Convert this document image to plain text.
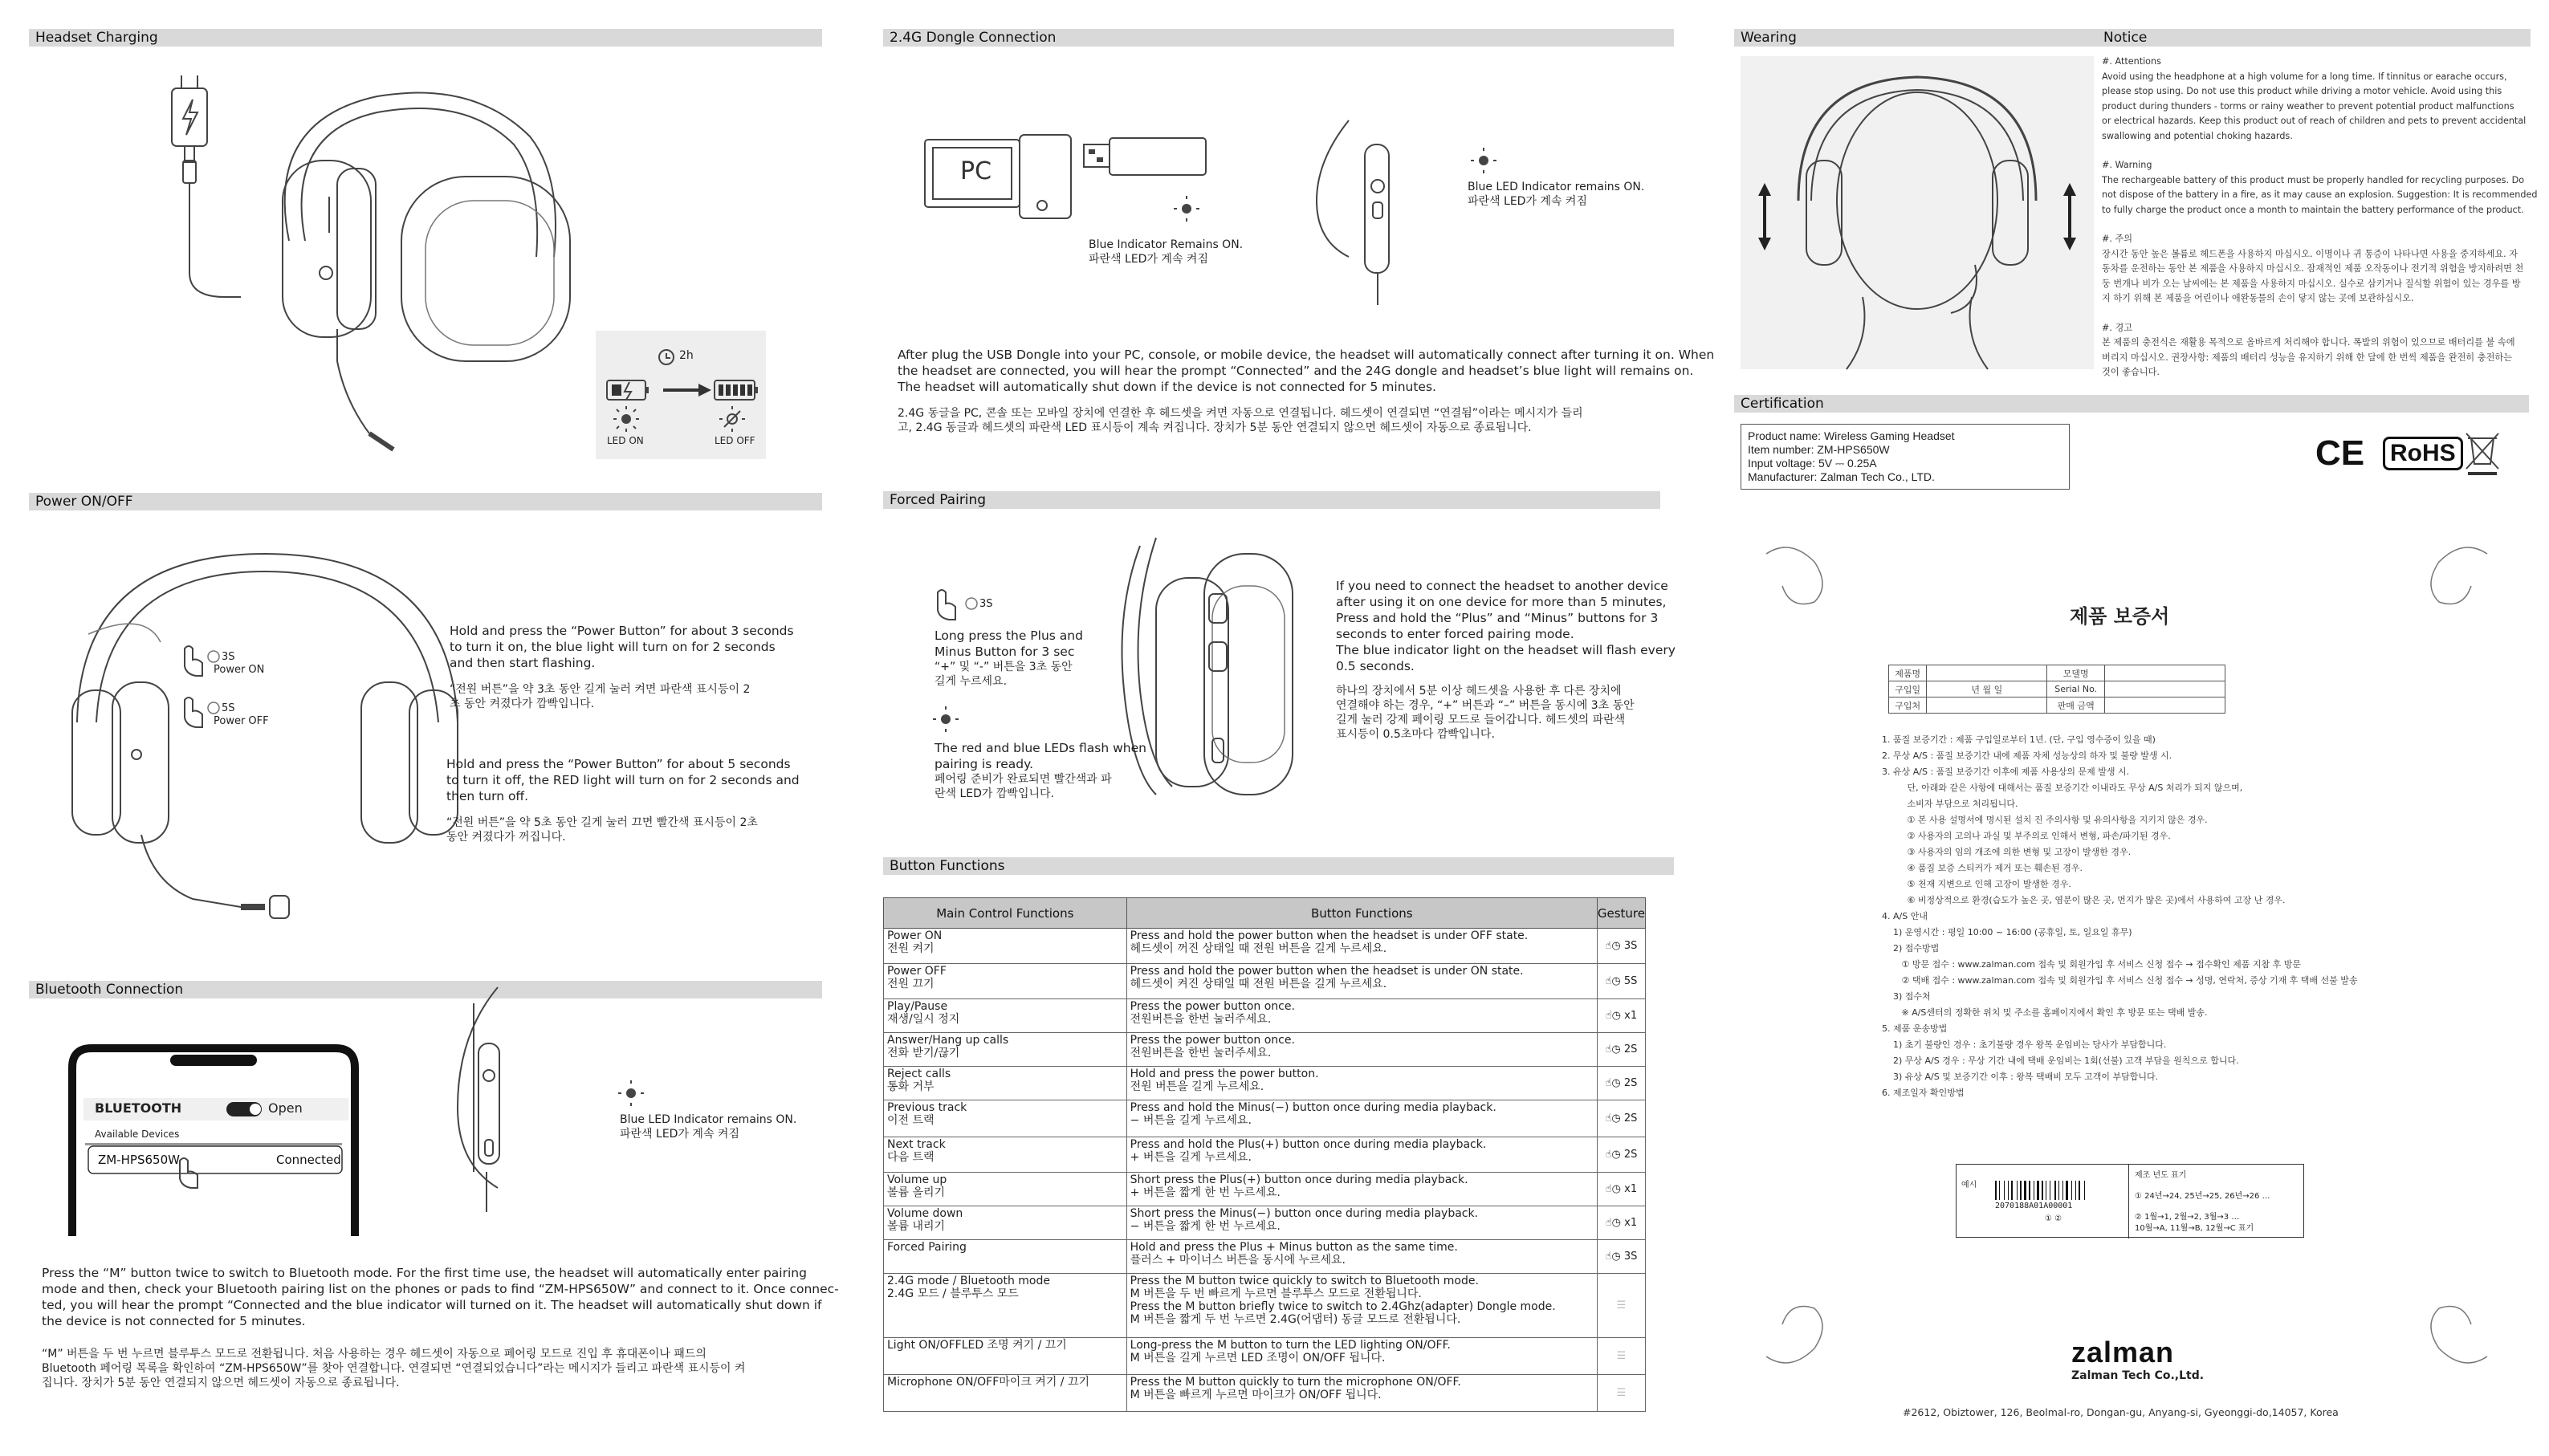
Headset Charging
Power ON/OFF
Bluetooth Connection
2.4G Dongle Connection
Forced Pairing
Button Functions
Wearing	Notice
Certification
2h
LED ON	LED OFF
3S
Power ON
5S
Power OFF
Hold and press the “Power Button” for about 3 seconds
to turn it on, the blue light will turn on for 2 seconds
and then start flashing.
“전원 버튼”을 약 3초 동안 길게 눌러 켜면 파란색 표시등이 2
초 동안 켜졌다가 깜빡입니다.
Hold and press the “Power Button” for about 5 seconds
to turn it off, the RED light will turn on for 2 seconds and
then turn off.
“전원 버튼”을 약 5초 동안 길게 눌러 끄면 빨간색 표시등이 2초
동안 켜졌다가 꺼집니다.
BLUETOOTH	Open
Available Devices
ZM-HPS650W	Connected
Blue LED Indicator remains ON.
파란색 LED가 계속 켜짐
Press the “M” button twice to switch to Bluetooth mode. For the first time use, the headset will automatically enter pairing
mode and then, check your Bluetooth pairing list on the phones or pads to find “ZM-HPS650W” and connect to it. Once connec-
ted, you will hear the prompt “Connected and the blue indicator will turned on it. The headset will automatically shut down if
the device is not connected for 5 minutes.
“M” 버튼을 두 번 누르면 블루투스 모드로 전환됩니다. 처음 사용하는 경우 헤드셋이 자동으로 페어링 모드로 진입 후 휴대폰이나 패드의
Bluetooth 페어링 목록을 확인하여 “ZM-HPS650W”를 찾아 연결합니다. 연결되면 “연결되었습니다”라는 메시지가 들리고 파란색 표시등이 켜
집니다. 장치가 5분 동안 연결되지 않으면 헤드셋이 자동으로 종료됩니다.
PC
Blue Indicator Remains ON.
파란색 LED가 계속 켜짐
Blue LED Indicator remains ON.
파란색 LED가 계속 켜짐
After plug the USB Dongle into your PC, console, or mobile device, the headset will automatically connect after turning it on. When
the headset are connected, you will hear the prompt “Connected” and the 24G dongle and headset’s blue light will remains on.
The headset will automatically shut down if the device is not connected for 5 minutes.
2.4G 동글을 PC, 콘솔 또는 모바일 장치에 연결한 후 헤드셋을 켜면 자동으로 연결됩니다. 헤드셋이 연결되면 “연결됨”이라는 메시지가 들리
고, 2.4G 동글과 헤드셋의 파란색 LED 표시등이 계속 켜집니다. 장치가 5분 동안 연결되지 않으면 헤드셋이 자동으로 종료됩니다.
3S
Long press the Plus and
Minus Button for 3 sec
“+” 및 “-” 버튼을 3초 동안
길게 누르세요.
The red and blue LEDs flash when
pairing is ready.
페어링 준비가 완료되면 빨간색과 파
란색 LED가 깜빡입니다.
If you need to connect the headset to another device
after using it on one device for more than 5 minutes,
Press and hold the “Plus” and “Minus” buttons for 3
seconds to enter forced pairing mode.
The blue indicator light on the headset will flash every
0.5 seconds.
하나의 장치에서 5분 이상 헤드셋을 사용한 후 다른 장치에
연결해야 하는 경우, “+” 버튼과 “–” 버튼을 동시에 3초 동안
길게 눌러 강제 페이링 모드로 들어갑니다. 헤드셋의 파란색
표시등이 0.5초마다 깜빡입니다.
Main Control Functions	Button Functions	Gesture

Power ON
전원 켜기	Press and hold the power button when the headset is under OFF state.
헤드셋이 꺼진 상태일 때 전원 버튼을 길게 누르세요.	☝◷ 3S

Power OFF
전원 끄기	Press and hold the power button when the headset is under ON state.
헤드셋이 켜진 상태일 때 전원 버튼을 길게 누르세요.	☝◷ 5S

Play/Pause
재생/일시 정지	Press the power button once.
전원버튼을 한번 눌러주세요.	☝◷ x1

Answer/Hang up calls
전화 받기/끊기	Press the power button once.
전원버튼을 한번 눌러주세요.	☝◷ 2S

Reject calls
통화 거부	Hold and press the power button.
전원 버튼을 길게 누르세요.	☝◷ 2S

Previous track
이전 트랙	Press and hold the Minus(−) button once during media playback.
− 버튼을 길게 누르세요.	☝◷ 2S

Next track
다음 트랙	Press and hold the Plus(+) button once during media playback.
+ 버튼을 길게 누르세요.	☝◷ 2S

Volume up
볼륨 올리기	Short press the Plus(+) button once during media playback.
+ 버튼을 짧게 한 번 누르세요.	☝◷ x1

Volume down
볼륨 내리기	Short press the Minus(−) button once during media playback.
− 버튼을 짧게 한 번 누르세요.	☝◷ x1

Forced Pairing	Hold and press the Plus + Minus button as the same time.
플러스 + 마이너스 버튼을 동시에 누르세요.	☝◷ 3S

2.4G mode / Bluetooth mode
2.4G 모드 / 블루투스 모드	Press the M button twice quickly to switch to Bluetooth mode.
M 버튼을 두 번 빠르게 누르면 블루투스 모드로 전환됩니다.
Press the M button briefly twice to switch to 2.4Ghz(adapter) Dongle mode.
M 버튼을 짧게 두 번 누르면 2.4G(어댑터) 동글 모드로 전환됩니다.	☰

Light ON/OFFLED 조명 켜기 / 끄기	Long-press the M button to turn the LED lighting ON/OFF.
M 버튼을 길게 누르면 LED 조명이 ON/OFF 됩니다.	☰

Microphone ON/OFF마이크 켜기 / 끄기	Press the M button quickly to turn the microphone ON/OFF.
M 버튼을 빠르게 누르면 마이크가 ON/OFF 됩니다.	☰
#. Attentions
Avoid using the headphone at a high volume for a long time. If tinnitus or earache occurs,
please stop using. Do not use this product while driving a motor vehicle. Avoid using this
product during thunders - torms or rainy weather to prevent potential product malfunctions
or electrical hazards. Keep this product out of reach of children and pets to prevent accidental
swallowing and potential choking hazards.
#. Warning
The rechargeable battery of this product must be properly handled for recycling purposes. Do
not dispose of the battery in a fire, as it may cause an explosion. Suggestion: It is recommended
to fully charge the product once a month to maintain the battery performance of the product.
#. 주의
장시간 동안 높은 볼륨로 헤드폰을 사용하지 마십시오. 이명이나 귀 통증이 나타나면 사용을 중지하세요. 자
동차를 운전하는 동안 본 제품을 사용하지 마십시오. 잠재적인 제품 오작동이나 전기적 위험을 방지하려면 천
둥 번개나 비가 오는 날씨에는 본 제품을 사용하지 마십시오. 실수로 삼키거나 질식할 위험이 있는 경우를 방
지 하기 위해 본 제품을 어린이나 애완동물의 손이 닿지 않는 곳에 보관하십시오.
#. 경고
본 제품의 충전식은 재활용 목적으로 올바르게 처리해야 합니다. 폭발의 위험이 있으므로 배터리를 불 속에
버리지 마십시오. 권장사항: 제품의 배터리 성능을 유지하기 위해 한 달에 한 번씩 제품을 완전히 충전하는
것이 좋습니다.
Product name: Wireless Gaming Headset
Item number: ZM-HPS650W
Input voltage: 5V ⎓ 0.25A
Manufacturer: Zalman Tech Co., LTD.
CE	RoHS
제품 보증서
제품명		모델명	
구입일	년 월 일	Serial No.	
구입처		판매 금액	
1. 품질 보증기간 : 제품 구입일로부터 1년. (단, 구입 영수증이 있을 때)
2. 무상 A/S : 품질 보증기간 내에 제품 자체 성능상의 하자 및 불량 발생 시.
3. 유상 A/S : 품질 보증기간 이후에 제품 사용상의 문제 발생 시.
단, 아래와 같은 사항에 대해서는 품질 보증기간 이내라도 무상 A/S 처리가 되지 않으며,
소비자 부담으로 처리됩니다.
① 본 사용 설명서에 명시된 설치 진 주의사항 및 유의사항을 지키지 않은 경우.
② 사용자의 고의나 과실 및 부주의로 인해서 변형, 파손/파기된 경우.
③ 사용자의 임의 개조에 의한 변형 및 고장이 발생한 경우.
④ 품질 보증 스티커가 제거 또는 훼손된 경우.
⑤ 천재 지변으로 인해 고장이 발생한 경우.
⑥ 비정상적으로 환경(습도가 높은 곳, 염분이 많은 곳, 먼지가 많은 곳)에서 사용하여 고장 난 경우.
4. A/S 안내
1) 운영시간 : 평일 10:00 ~ 16:00 (공휴일, 토, 일요일 휴무)
2) 접수방법
① 방문 접수 : www.zalman.com 접속 및 회원가입 후 서비스 신청 접수 → 접수확인 제품 지참 후 방문
② 택배 접수 : www.zalman.com 접속 및 회원가입 후 서비스 신청 접수 → 성명, 연락처, 증상 기재 후 택배 선불 발송
3) 접수처
※ A/S센터의 정확한 위치 및 주소를 홈페이지에서 확인 후 방문 또는 택배 발송.
5. 제품 운송방법
1) 초기 불량인 경우 : 초기불량 경우 왕복 운임비는 당사가 부담합니다.
2) 무상 A/S 경우 : 무상 기간 내에 택배 운임비는 1회(선불) 고객 부담을 원칙으로 합니다.
3) 유상 A/S 및 보증기간 이후 : 왕복 택배비 모두 고객이 부담합니다.
6. 제조일자 확인방법
예시
2070188A01A00001
① ②
제조 년도 표기
① 24년→24, 25년→25, 26년→26 …
② 1월→1, 2월→2, 3월→3 …
10월→A, 11월→B, 12월→C 표기
zalman
Zalman Tech Co.,Ltd.
#2612, Obiztower, 126, Beolmal-ro, Dongan-gu, Anyang-si, Gyeonggi-do,14057, Korea
